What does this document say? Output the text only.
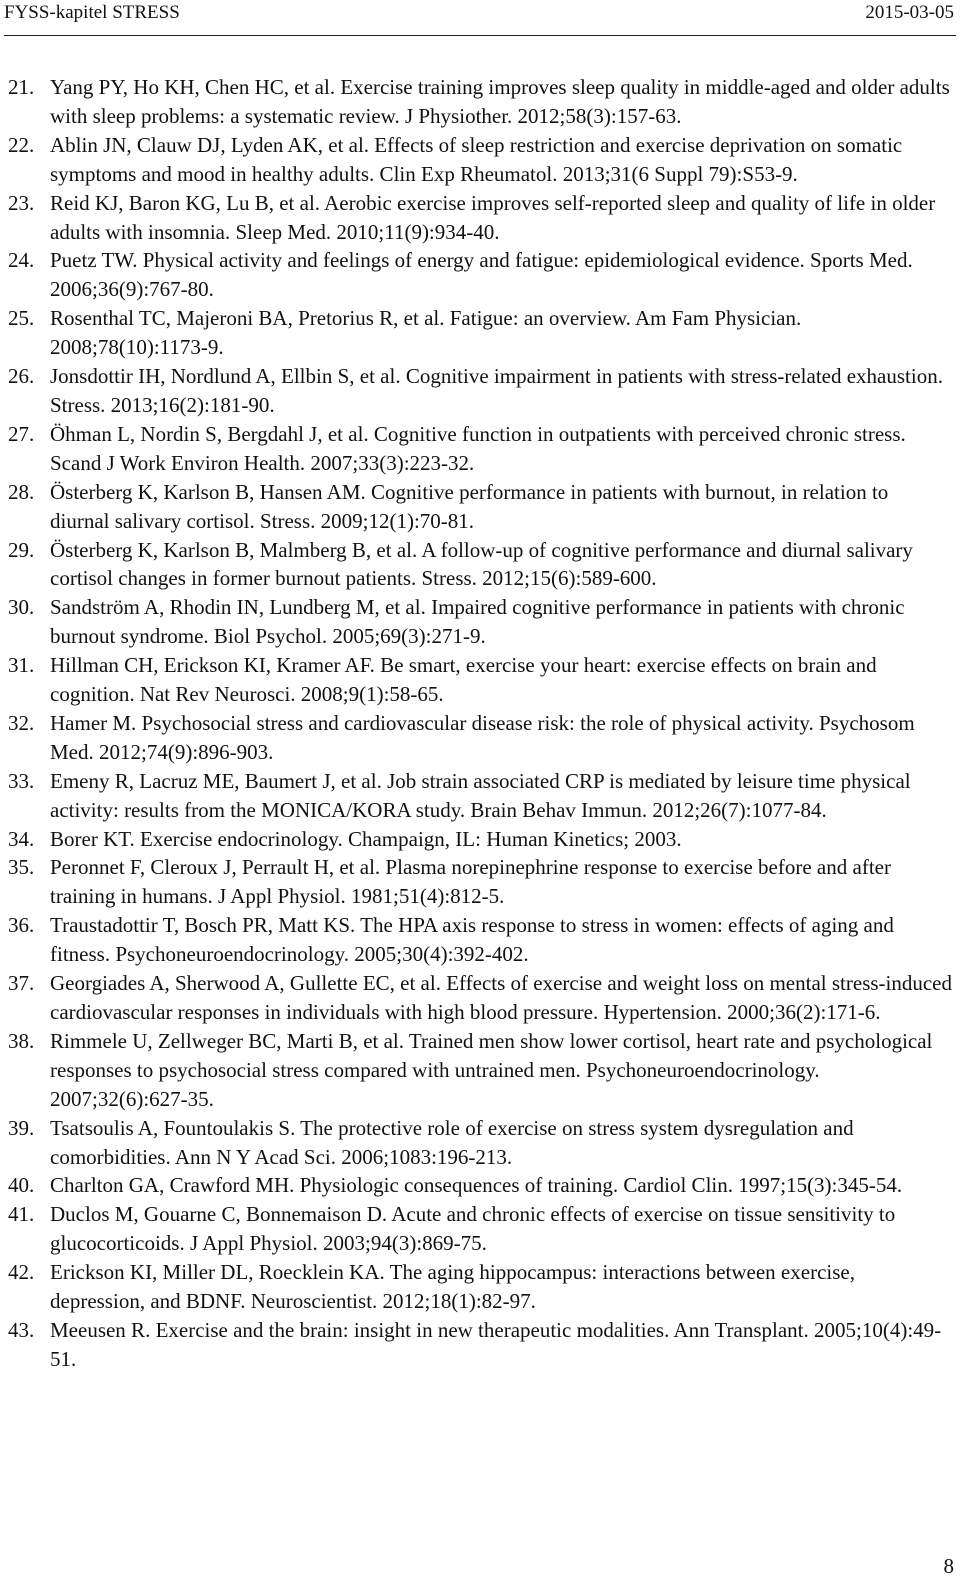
FYSS-kapitel STRESS	2015-03-05
21. Yang PY, Ho KH, Chen HC, et al. Exercise training improves sleep quality in middle-aged and older adults with sleep problems: a systematic review. J Physiother. 2012;58(3):157-63.
22. Ablin JN, Clauw DJ, Lyden AK, et al. Effects of sleep restriction and exercise deprivation on somatic symptoms and mood in healthy adults. Clin Exp Rheumatol. 2013;31(6 Suppl 79):S53-9.
23. Reid KJ, Baron KG, Lu B, et al. Aerobic exercise improves self-reported sleep and quality of life in older adults with insomnia. Sleep Med. 2010;11(9):934-40.
24. Puetz TW. Physical activity and feelings of energy and fatigue: epidemiological evidence. Sports Med. 2006;36(9):767-80.
25. Rosenthal TC, Majeroni BA, Pretorius R, et al. Fatigue: an overview. Am Fam Physician. 2008;78(10):1173-9.
26. Jonsdottir IH, Nordlund A, Ellbin S, et al. Cognitive impairment in patients with stress-related exhaustion. Stress. 2013;16(2):181-90.
27. Öhman L, Nordin S, Bergdahl J, et al. Cognitive function in outpatients with perceived chronic stress. Scand J Work Environ Health. 2007;33(3):223-32.
28. Österberg K, Karlson B, Hansen AM. Cognitive performance in patients with burnout, in relation to diurnal salivary cortisol. Stress. 2009;12(1):70-81.
29. Österberg K, Karlson B, Malmberg B, et al. A follow-up of cognitive performance and diurnal salivary cortisol changes in former burnout patients. Stress. 2012;15(6):589-600.
30. Sandström A, Rhodin IN, Lundberg M, et al. Impaired cognitive performance in patients with chronic burnout syndrome. Biol Psychol. 2005;69(3):271-9.
31. Hillman CH, Erickson KI, Kramer AF. Be smart, exercise your heart: exercise effects on brain and cognition. Nat Rev Neurosci. 2008;9(1):58-65.
32. Hamer M. Psychosocial stress and cardiovascular disease risk: the role of physical activity. Psychosom Med. 2012;74(9):896-903.
33. Emeny R, Lacruz ME, Baumert J, et al. Job strain associated CRP is mediated by leisure time physical activity: results from the MONICA/KORA study. Brain Behav Immun. 2012;26(7):1077-84.
34. Borer KT. Exercise endocrinology. Champaign, IL: Human Kinetics; 2003.
35. Peronnet F, Cleroux J, Perrault H, et al. Plasma norepinephrine response to exercise before and after training in humans. J Appl Physiol. 1981;51(4):812-5.
36. Traustadottir T, Bosch PR, Matt KS. The HPA axis response to stress in women: effects of aging and fitness. Psychoneuroendocrinology. 2005;30(4):392-402.
37. Georgiades A, Sherwood A, Gullette EC, et al. Effects of exercise and weight loss on mental stress-induced cardiovascular responses in individuals with high blood pressure. Hypertension. 2000;36(2):171-6.
38. Rimmele U, Zellweger BC, Marti B, et al. Trained men show lower cortisol, heart rate and psychological responses to psychosocial stress compared with untrained men. Psychoneuroendocrinology. 2007;32(6):627-35.
39. Tsatsoulis A, Fountoulakis S. The protective role of exercise on stress system dysregulation and comorbidities. Ann N Y Acad Sci. 2006;1083:196-213.
40. Charlton GA, Crawford MH. Physiologic consequences of training. Cardiol Clin. 1997;15(3):345-54.
41. Duclos M, Gouarne C, Bonnemaison D. Acute and chronic effects of exercise on tissue sensitivity to glucocorticoids. J Appl Physiol. 2003;94(3):869-75.
42. Erickson KI, Miller DL, Roecklein KA. The aging hippocampus: interactions between exercise, depression, and BDNF. Neuroscientist. 2012;18(1):82-97.
43. Meeusen R. Exercise and the brain: insight in new therapeutic modalities. Ann Transplant. 2005;10(4):49-51.
8
